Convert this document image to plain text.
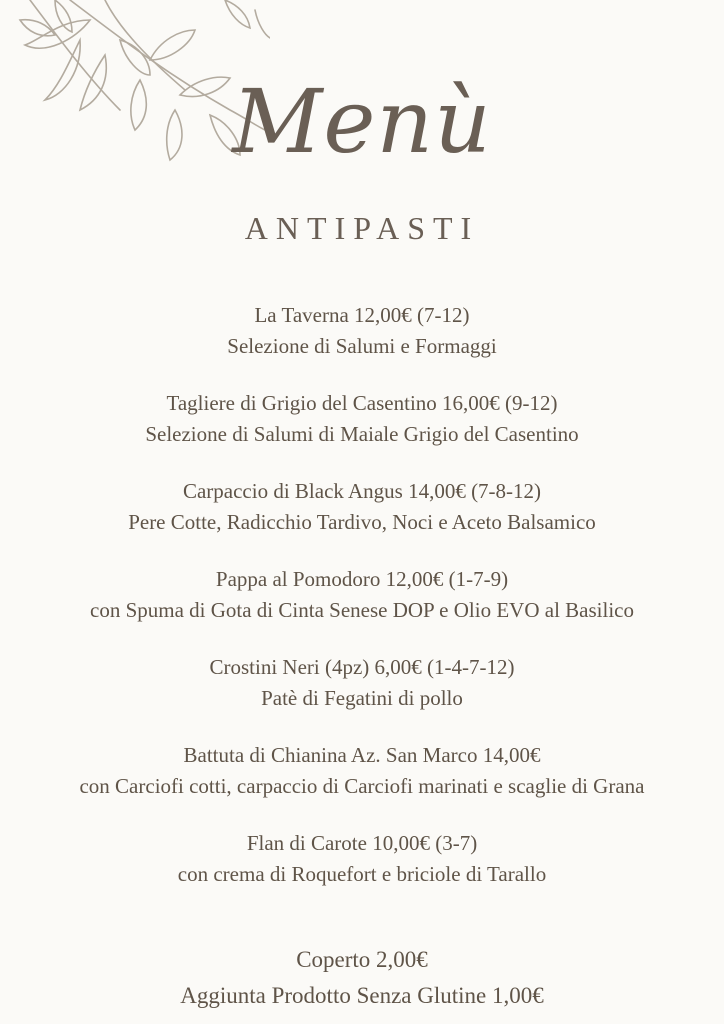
Menù
ANTIPASTI
La Taverna 12,00€ (7-12)
Selezione di Salumi e Formaggi
Tagliere di Grigio del Casentino 16,00€ (9-12)
Selezione di Salumi di Maiale Grigio del Casentino
Carpaccio di Black Angus 14,00€ (7-8-12)
Pere Cotte, Radicchio Tardivo, Noci e Aceto Balsamico
Pappa al Pomodoro 12,00€ (1-7-9)
con Spuma di Gota di Cinta Senese DOP e Olio EVO al Basilico
Crostini Neri (4pz) 6,00€ (1-4-7-12)
Patè di Fegatini di pollo
Battuta di Chianina Az. San Marco 14,00€
con Carciofi cotti, carpaccio di Carciofi marinati e scaglie di Grana
Flan di Carote 10,00€ (3-7)
con crema di Roquefort e briciole di Tarallo
Coperto 2,00€
Aggiunta Prodotto Senza Glutine 1,00€
